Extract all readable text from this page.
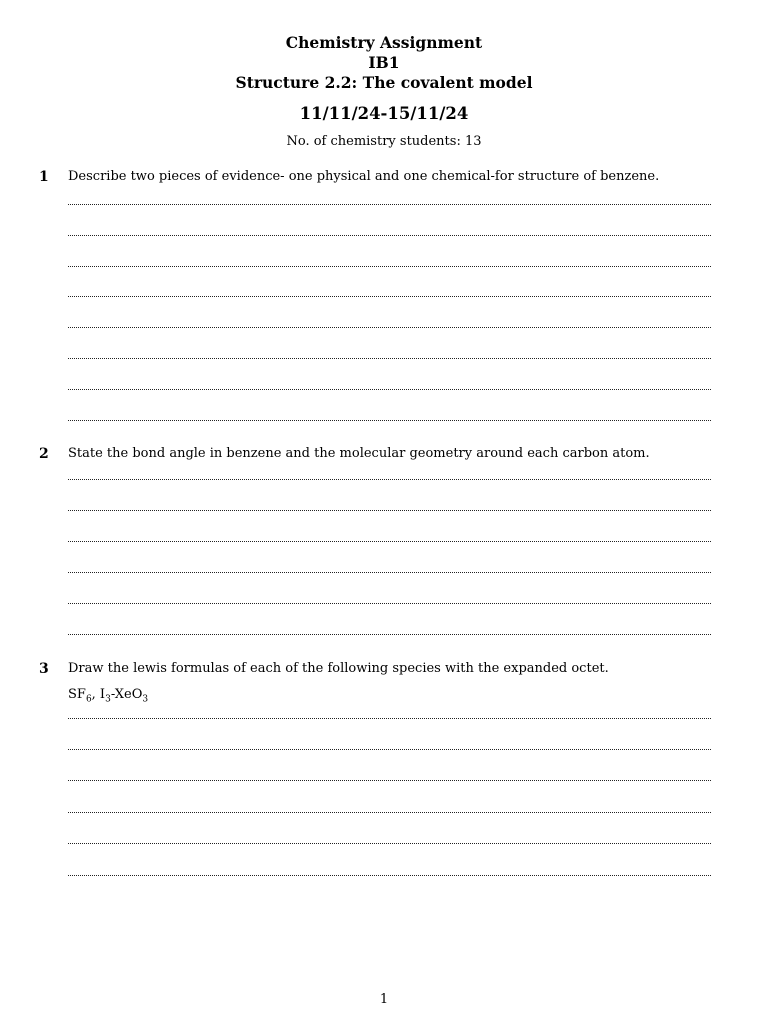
Chemistry Assignment
IB1
Structure 2.2: The covalent model
11/11/24-15/11/24
No. of chemistry students: 13
1 Describe two pieces of evidence- one physical and one chemical-for structure of benzene.
2 State the bond angle in benzene and the molecular geometry around each carbon atom.
3 Draw the lewis formulas of each of the following species with the expanded octet.
$SF_6$, $I_3-XeO_3$
1
